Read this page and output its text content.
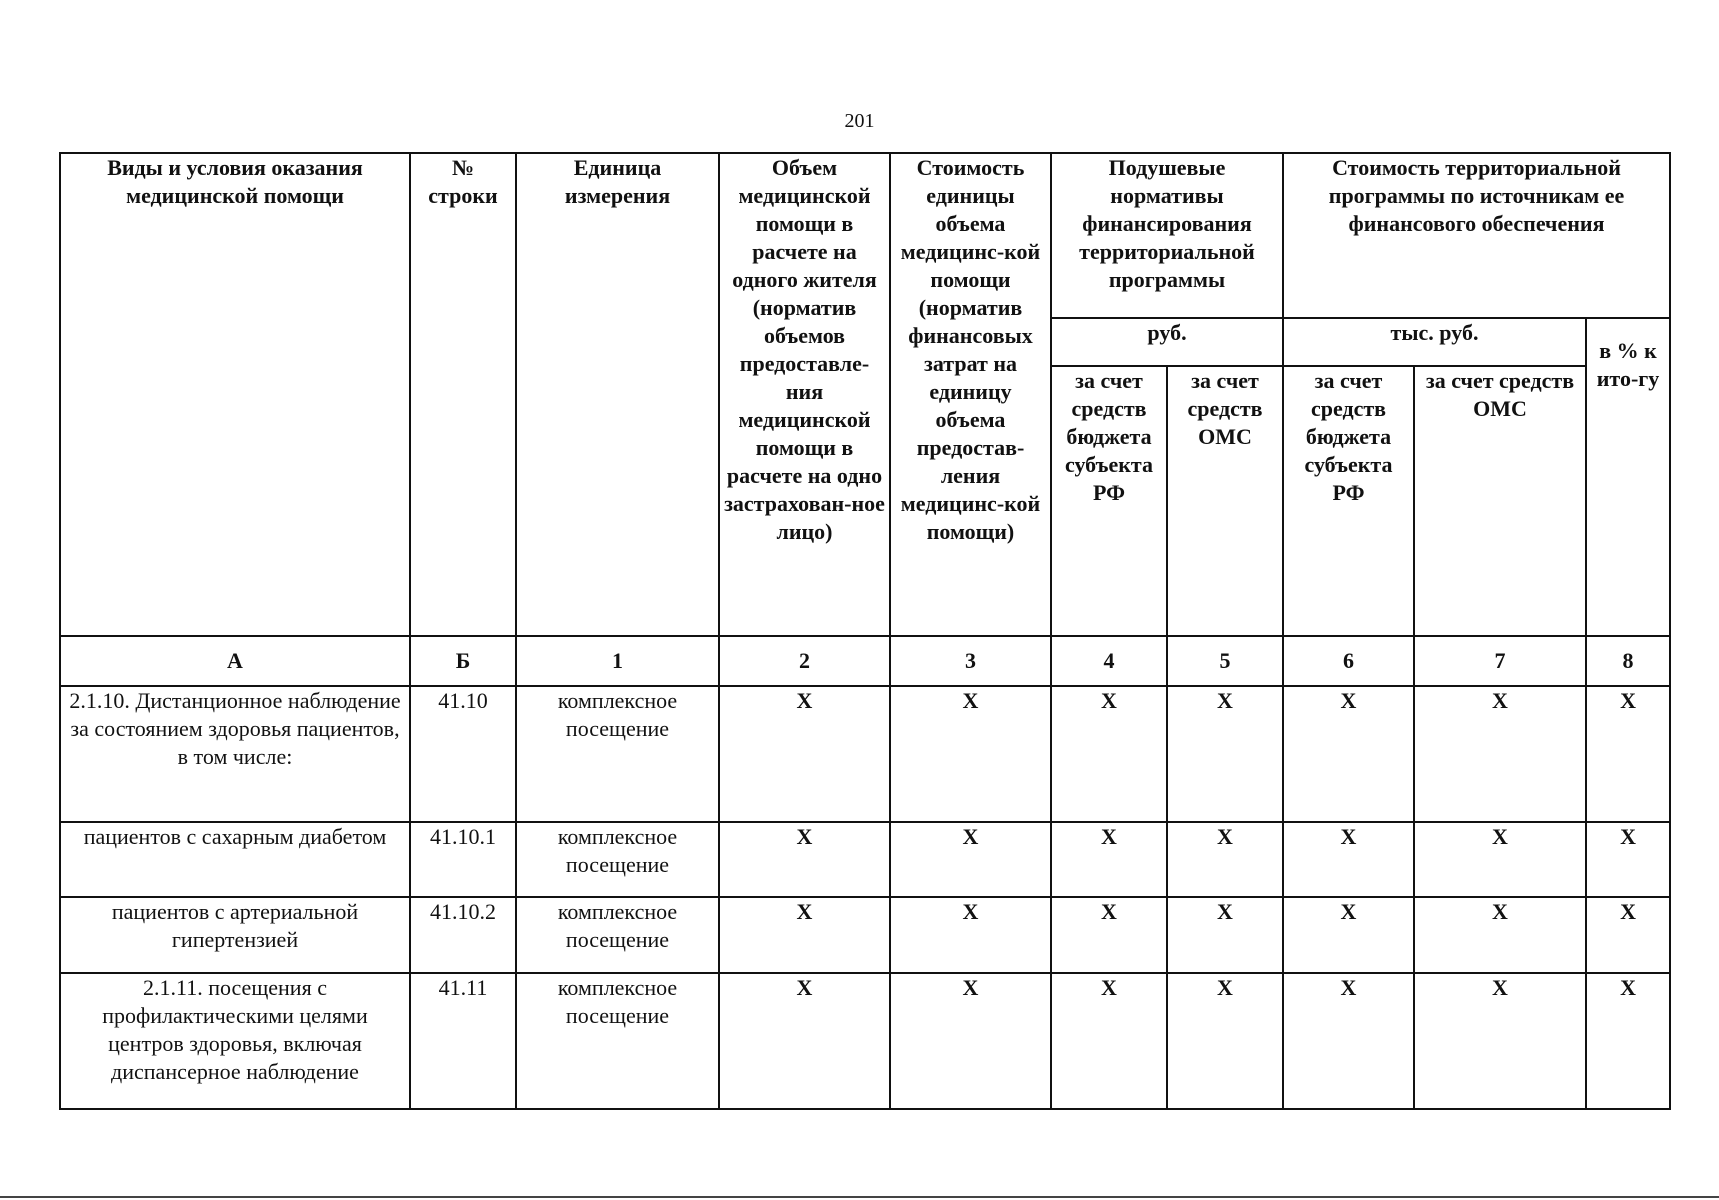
201
Виды и условия оказания медицинской помощи	№ строки	Единица измерения	Объем медицинской помощи в расчете на одного жителя (норматив объемов предоставле-ния медицинской помощи в расчете на одно застрахован-ное лицо)	Стоимость единицы объема медицинс-кой помощи (норматив финансовых затрат на единицу объема предостав-ления медицинс-кой помощи)	Подушевые нормативы финансирования территориальной программы		Стоимость территориальной программы по источникам ее финансового обеспечения		
					руб.		тыс. руб.		в % к ито-гу
					за счет средств бюджета субъекта РФ	за счет средств ОМС	за счет средств бюджета субъекта РФ	за счет средств ОМС	
А	Б	1	2	3	4	5	6	7	8
2.1.10. Дистанционное наблюдение за состоянием здоровья пациентов, в том числе:	41.10	комплексное посещение	Х	Х	Х	Х	Х	Х	Х
пациентов с сахарным диабетом	41.10.1	комплексное посещение	Х	Х	Х	Х	Х	Х	Х
пациентов с артериальной гипертензией	41.10.2	комплексное посещение	Х	Х	Х	Х	Х	Х	Х
2.1.11. посещения с профилактическими целями центров здоровья, включая диспансерное наблюдение	41.11	комплексное посещение	Х	Х	Х	Х	Х	Х	Х
